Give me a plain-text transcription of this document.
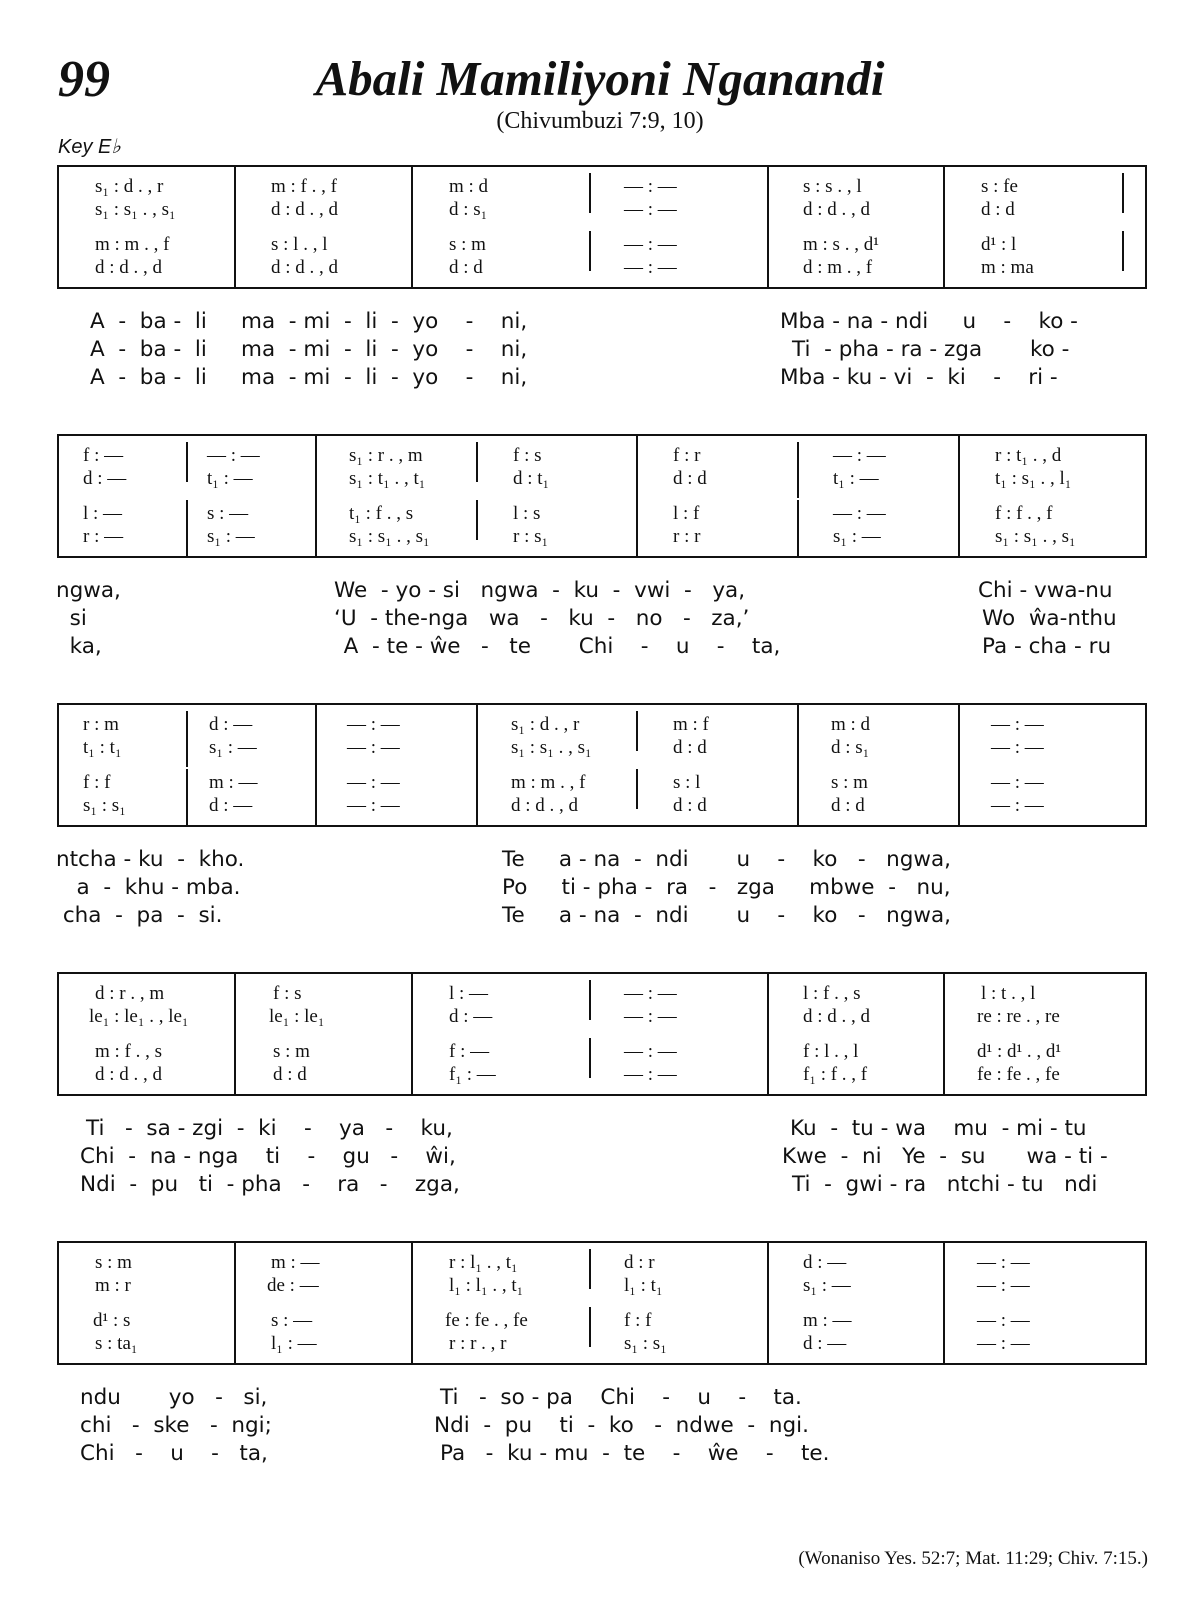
99	Abali Mamiliyoni Nganandi
(Chivumbuzi 7:9, 10)
Key E♭
s₁ : d . , r
s₁ : s₁ . , s₁
m : m . , f
d : d . , d
m : f . , f
d : d . , d
s : l . , l
d : d . , d
m : d
d : s₁
s : m
d : d
— : —
— : —
— : —
— : —
s : s . , l
d : d . , d
m : s . , d¹
d : m . , f
s : fe
d : d
d¹ : l
m : ma
A  -  ba -  li     ma  - mi  -  li  -  yo    -    ni,
A  -  ba -  li     ma  - mi  -  li  -  yo    -    ni,
A  -  ba -  li     ma  - mi  -  li  -  yo    -    ni,
Mba - na - ndi     u    -    ko -
Ti  - pha - ra - zga       ko -
Mba - ku - vi  -  ki    -    ri -
f : —
d : —
l : —
r : —
— : —
t₁ : —
s : —
s₁ : —
s₁ : r . , m
s₁ : t₁ . , t₁
t₁ : f . , s
s₁ : s₁ . , s₁
f : s
d : t₁
l : s
r : s₁
f : r
d : d
l : f
r : r
— : —
t₁ : —
— : —
s₁ : —
r : t₁ . , d
t₁ : s₁ . , l₁
f : f . , f
s₁ : s₁ . , s₁
ngwa,
si
ka,
We  - yo - si   ngwa  -  ku  -  vwi  -   ya,
‘U  - the-nga   wa   -   ku  -   no   -   za,’
A  - te - ŵe   -   te       Chi    -    u    -    ta,
Chi - vwa-nu
Wo  ŵa-nthu
Pa - cha - ru
r : m
t₁ : t₁
f : f
s₁ : s₁
d : —
s₁ : —
m : —
d : —
— : —
— : —
— : —
— : —
s₁ : d . , r
s₁ : s₁ . , s₁
m : m . , f
d : d . , d
m : f
d : d
s : l
d : d
m : d
d : s₁
s : m
d : d
— : —
— : —
— : —
— : —
ntcha - ku  -  kho.
a  -  khu - mba.
cha  -  pa  -  si.
Te     a - na  -  ndi       u    -    ko   -   ngwa,
Po     ti - pha -  ra   -   zga     mbwe  -   nu,
Te     a - na  -  ndi       u    -    ko   -   ngwa,
d : r . , m
le₁ : le₁ . , le₁
m : f . , s
d : d . , d
f : s
le₁ : le₁
s : m
d : d
l : —
d : —
f : —
f₁ : —
— : —
— : —
— : —
— : —
l : f . , s
d : d . , d
f : l . , l
f₁ : f . , f
l : t . , l
re : re . , re
d¹ : d¹ . , d¹
fe : fe . , fe
Ti   -  sa - zgi  -  ki    -    ya   -    ku,
Chi  -  na - nga    ti    -    gu   -    ŵi,
Ndi  -  pu   ti  - pha   -    ra   -    zga,
Ku  -  tu - wa    mu  - mi - tu
Kwe  -  ni   Ye  -  su      wa - ti -
Ti  -  gwi - ra   ntchi - tu   ndi
s : m
m : r
d¹ : s
s : ta₁
m : —
de : —
s : —
l₁ : —
r : l₁ . , t₁
l₁ : l₁ . , t₁
fe : fe . , fe
r : r . , r
d : r
l₁ : t₁
f : f
s₁ : s₁
d : —
s₁ : —
m : —
d : —
— : —
— : —
— : —
— : —
ndu       yo   -   si,
chi   -  ske   -  ngi;
Chi   -    u    -   ta,
Ti   -  so - pa    Chi    -    u    -    ta.
Ndi  -  pu    ti  -  ko   -  ndwe  -  ngi.
Pa   -  ku - mu  -  te    -    ŵe    -    te.
(Wonaniso Yes. 52:7; Mat. 11:29; Chiv. 7:15.)
